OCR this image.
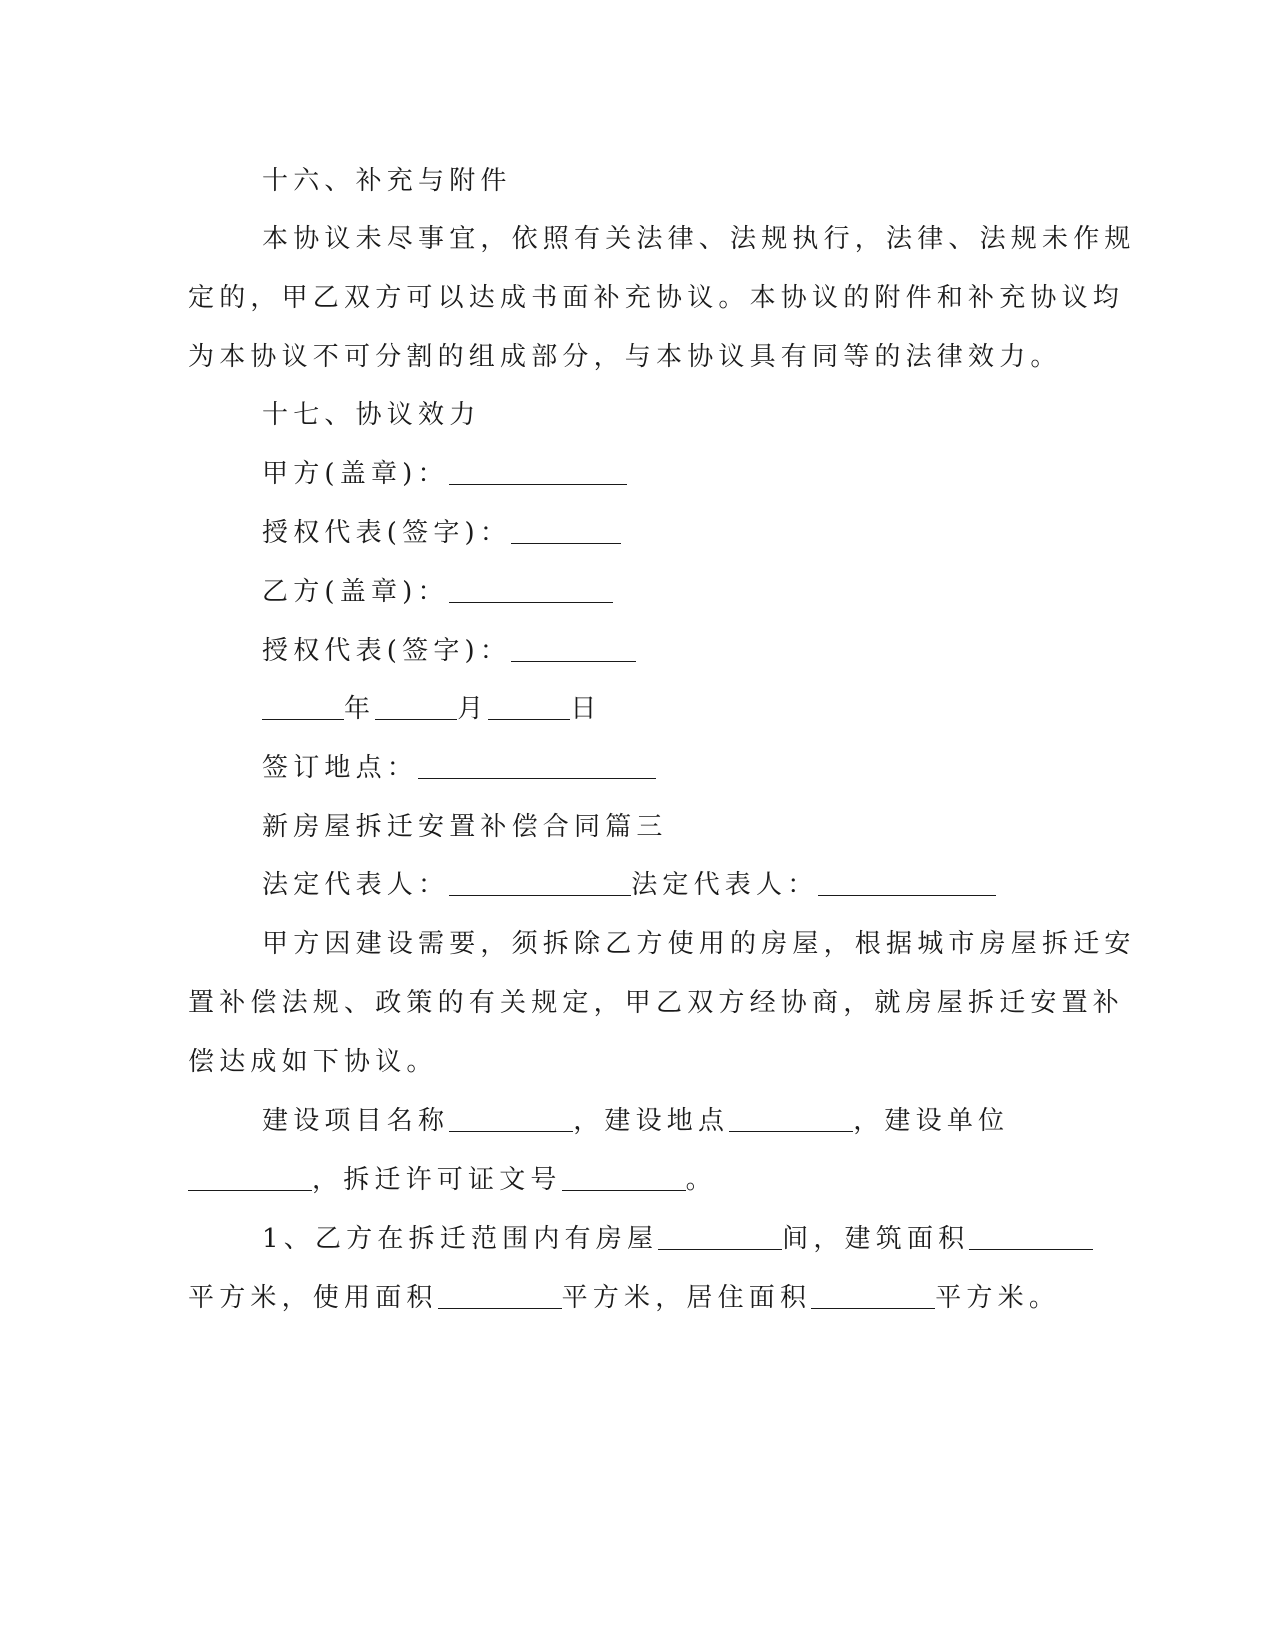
十六、补充与附件
本协议未尽事宜，依照有关法律、法规执行，法律、法规未作规
定的，甲乙双方可以达成书面补充协议。本协议的附件和补充协议均
为本协议不可分割的组成部分，与本协议具有同等的法律效力。
十七、协议效力
甲方(盖章)：
授权代表(签字)：
乙方(盖章)：
授权代表(签字)：
年	月	日
签订地点：
新房屋拆迁安置补偿合同篇三
法定代表人：	法定代表人：
甲方因建设需要，须拆除乙方使用的房屋，根据城市房屋拆迁安
置补偿法规、政策的有关规定，甲乙双方经协商，就房屋拆迁安置补
偿达成如下协议。
建设项目名称	，建设地点	，建设单位
，拆迁许可证文号	。
1、乙方在拆迁范围内有房屋	间，建筑面积
平方米，使用面积	平方米，居住面积	平方米。
